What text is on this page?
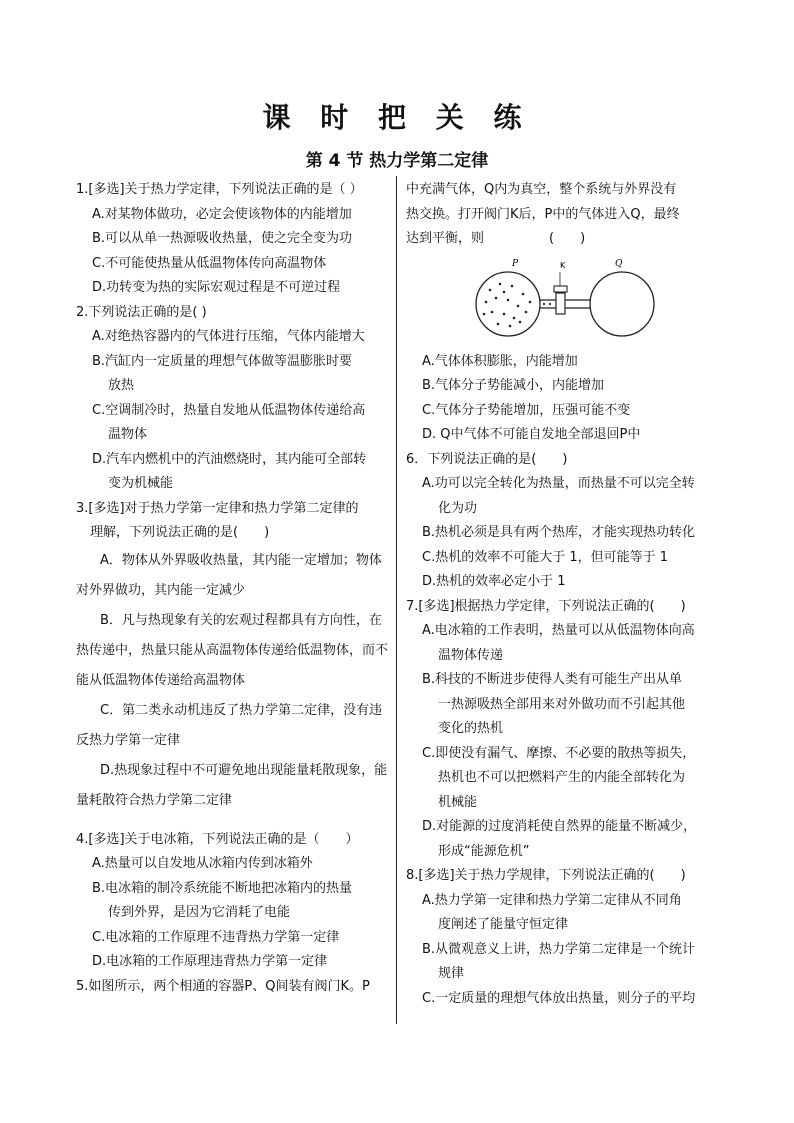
课 时 把 关 练
第 4 节 热力学第二定律

1.[多选]关于热力学定律，下列说法正确的是（ ）

A.对某物体做功，必定会使该物体的内能增加

B.可以从单一热源吸收热量，使之完全变为功

C.不可能使热量从低温物体传向高温物体

D.功转变为热的实际宏观过程是不可逆过程

2.下列说法正确的是( )

A.对绝热容器内的气体进行压缩，气体内能增大

B.汽缸内一定质量的理想气体做等温膨胀时要
放热

C.空调制冷时，热量自发地从低温物体传递给高
温物体

D.汽车内燃机中的汽油燃烧时，其内能可全部转
变为机械能

3.[多选]对于热力学第一定律和热力学第二定律的
理解，下列说法正确的是(　　)

A．物体从外界吸收热量，其内能一定增加；物体对外界做功，其内能一定减少

B．凡与热现象有关的宏观过程都具有方向性，在热传递中，热量只能从高温物体传递给低温物体，而不能从低温物体传递给高温物体

C．第二类永动机违反了热力学第二定律，没有违反热力学第一定律

D.热现象过程中不可避免地出现能量耗散现象，能量耗散符合热力学第二定律

4.[多选]关于电冰箱，下列说法正确的是（　　）

A.热量可以自发地从冰箱内传到冰箱外

B.电冰箱的制冷系统能不断地把冰箱内的热量
传到外界，是因为它消耗了电能

C.电冰箱的工作原理不违背热力学第一定律

D.电冰箱的工作原理违背热力学第一定律

5.如图所示，两个相通的容器P、Q间装有阀门K。P

中充满气体，Q内为真空，整个系统与外界没有

热交换。打开阀门K后，P中的气体进入Q，最终

达到平衡，则　　　　　(　　)

P	K	Q

A.气体体积膨胀，内能增加

B.气体分子势能减小，内能增加

C.气体分子势能增加，压强可能不变

D. Q中气体不可能自发地全部退回P中

6．下列说法正确的是(　　)

A.功可以完全转化为热量，而热量不可以完全转
化为功

B.热机必须是具有两个热库，才能实现热功转化

C.热机的效率不可能大于 1，但可能等于 1

D.热机的效率必定小于 1

7.[多选]根据热力学定律，下列说法正确的(　　)

A.电冰箱的工作表明，热量可以从低温物体向高
温物体传递

B.科技的不断进步使得人类有可能生产出从单
一热源吸热全部用来对外做功而不引起其他
变化的热机

C.即使没有漏气、摩擦、不必要的散热等损失，
热机也不可以把燃料产生的内能全部转化为
机械能

D.对能源的过度消耗使自然界的能量不断减少，
形成“能源危机”

8.[多选]关于热力学规律，下列说法正确的(　　)

A.热力学第一定律和热力学第二定律从不同角
度阐述了能量守恒定律

B.从微观意义上讲，热力学第二定律是一个统计
规律

C.一定质量的理想气体放出热量，则分子的平均
